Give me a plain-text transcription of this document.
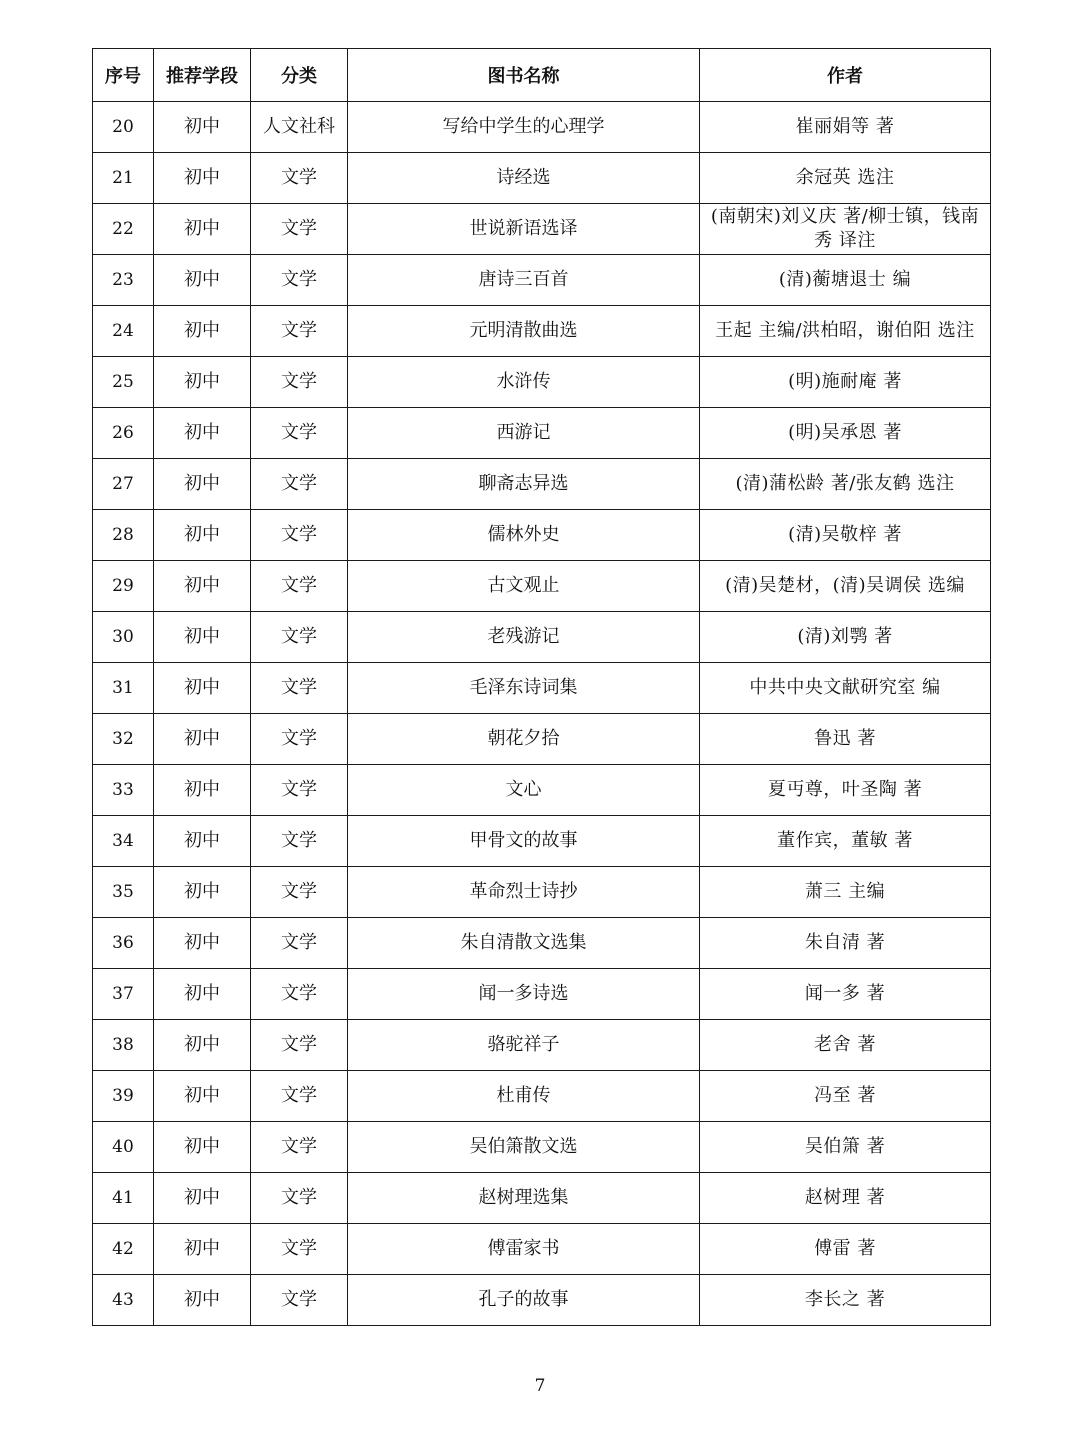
序号	推荐学段	分类	图书名称	作者
20	初中	人文社科	写给中学生的心理学	崔丽娟等 著
21	初中	文学	诗经选	余冠英 选注
22	初中	文学	世说新语选译	(南朝宋)刘义庆 著/柳士镇，钱南秀 译注
23	初中	文学	唐诗三百首	(清)蘅塘退士 编
24	初中	文学	元明清散曲选	王起 主编/洪柏昭，谢伯阳 选注
25	初中	文学	水浒传	(明)施耐庵 著
26	初中	文学	西游记	(明)吴承恩 著
27	初中	文学	聊斋志异选	(清)蒲松龄 著/张友鹤 选注
28	初中	文学	儒林外史	(清)吴敬梓 著
29	初中	文学	古文观止	(清)吴楚材，(清)吴调侯 选编
30	初中	文学	老残游记	(清)刘鹗 著
31	初中	文学	毛泽东诗词集	中共中央文献研究室 编
32	初中	文学	朝花夕拾	鲁迅 著
33	初中	文学	文心	夏丏尊，叶圣陶 著
34	初中	文学	甲骨文的故事	董作宾，董敏 著
35	初中	文学	革命烈士诗抄	萧三 主编
36	初中	文学	朱自清散文选集	朱自清 著
37	初中	文学	闻一多诗选	闻一多 著
38	初中	文学	骆驼祥子	老舍 著
39	初中	文学	杜甫传	冯至 著
40	初中	文学	吴伯箫散文选	吴伯箫 著
41	初中	文学	赵树理选集	赵树理 著
42	初中	文学	傅雷家书	傅雷 著
43	初中	文学	孔子的故事	李长之 著
7
